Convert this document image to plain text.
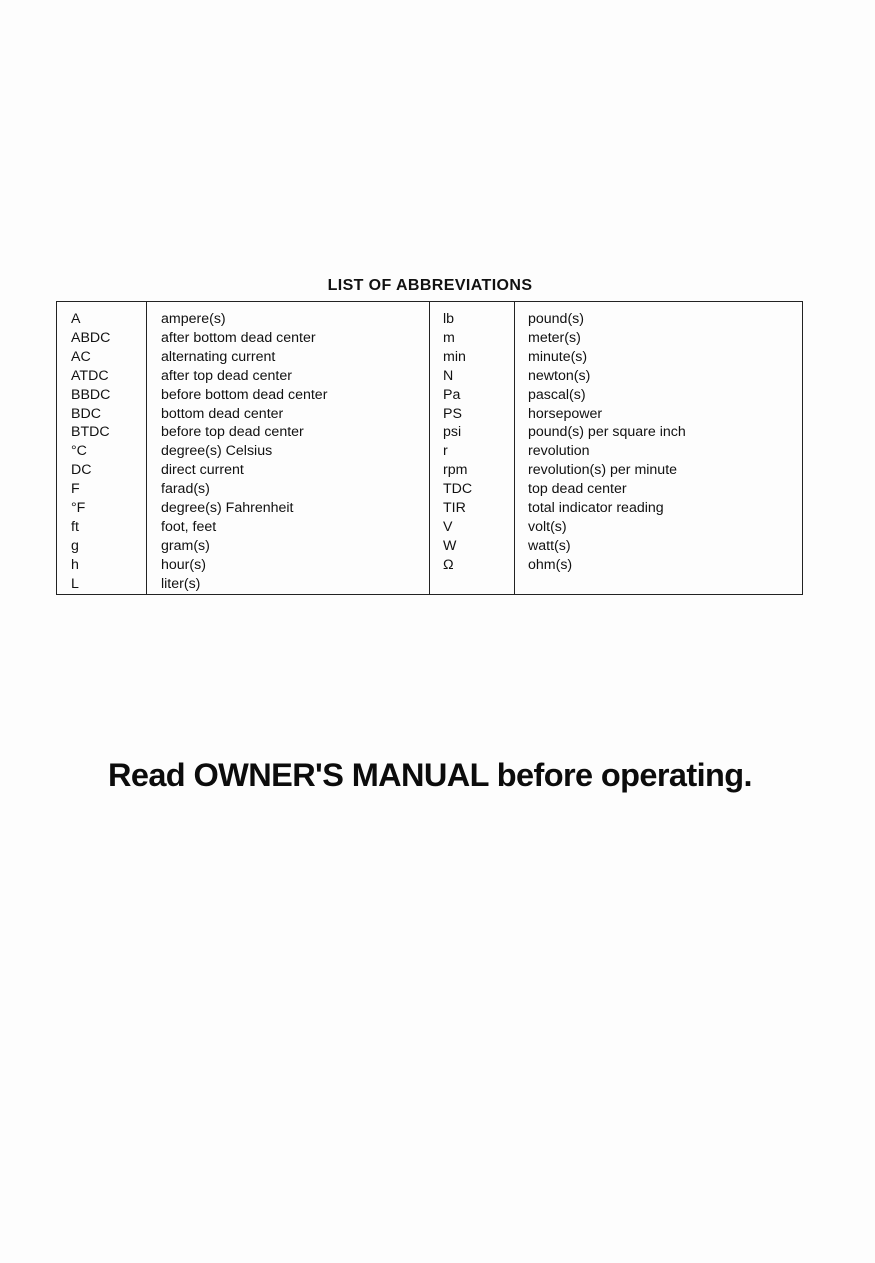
LIST OF ABBREVIATIONS
A
ABDC
AC
ATDC
BBDC
BDC
BTDC
°C
DC
F
°F
ft
g
h
L
ampere(s)
after bottom dead center
alternating current
after top dead center
before bottom dead center
bottom dead center
before top dead center
degree(s) Celsius
direct current
farad(s)
degree(s) Fahrenheit
foot, feet
gram(s)
hour(s)
liter(s)
lb
m
min
N
Pa
PS
psi
r
rpm
TDC
TIR
V
W
Ω
pound(s)
meter(s)
minute(s)
newton(s)
pascal(s)
horsepower
pound(s) per square inch
revolution
revolution(s) per minute
top dead center
total indicator reading
volt(s)
watt(s)
ohm(s)
Read OWNER'S MANUAL before operating.
